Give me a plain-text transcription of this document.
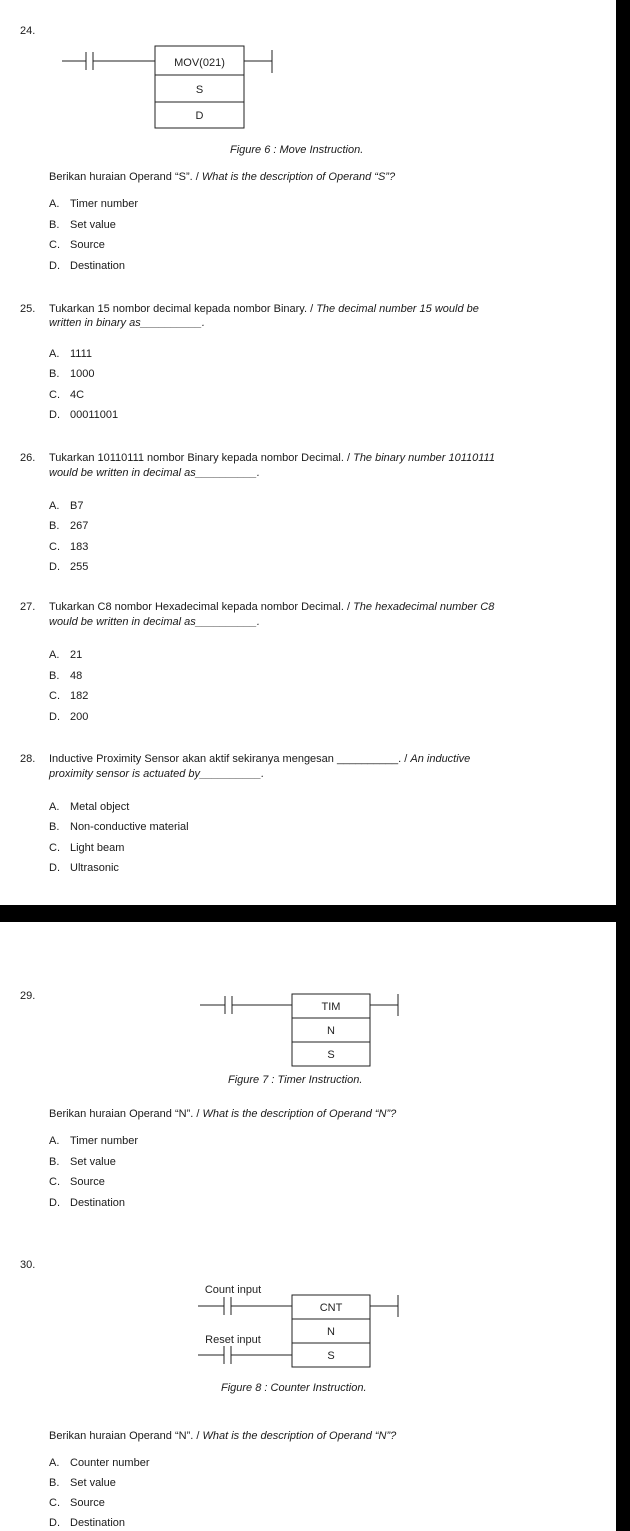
24.
MOV(021)
S
D
Figure 6 : Move Instruction.
Berikan huraian Operand “S”. / What is the description of Operand “S”?
A. Timer number
B. Set value
C. Source
D. Destination
25. Tukarkan 15 nombor decimal kepada nombor Binary. / The decimal number 15 would be
written in binary as__________.
A. 1111
B. 1000
C. 4C
D. 00011001
26. Tukarkan 10110111 nombor Binary kepada nombor Decimal. / The binary number 10110111
would be written in decimal as__________.
A. B7
B. 267
C. 183
D. 255
27. Tukarkan C8 nombor Hexadecimal kepada nombor Decimal. / The hexadecimal number C8
would be written in decimal as__________.
A. 21
B. 48
C. 182
D. 200
28. Inductive Proximity Sensor akan aktif sekiranya mengesan __________. / An inductive
proximity sensor is actuated by__________.
A. Metal object
B. Non-conductive material
C. Light beam
D. Ultrasonic
29.
TIM
N
S
Figure 7 : Timer Instruction.
Berikan huraian Operand “N”. / What is the description of Operand “N”?
A. Timer number
B. Set value
C. Source
D. Destination
30.
Count input
Reset input
CNT
N
S
Figure 8 : Counter Instruction.
Berikan huraian Operand “N”. / What is the description of Operand “N”?
A. Counter number
B. Set value
C. Source
D. Destination
